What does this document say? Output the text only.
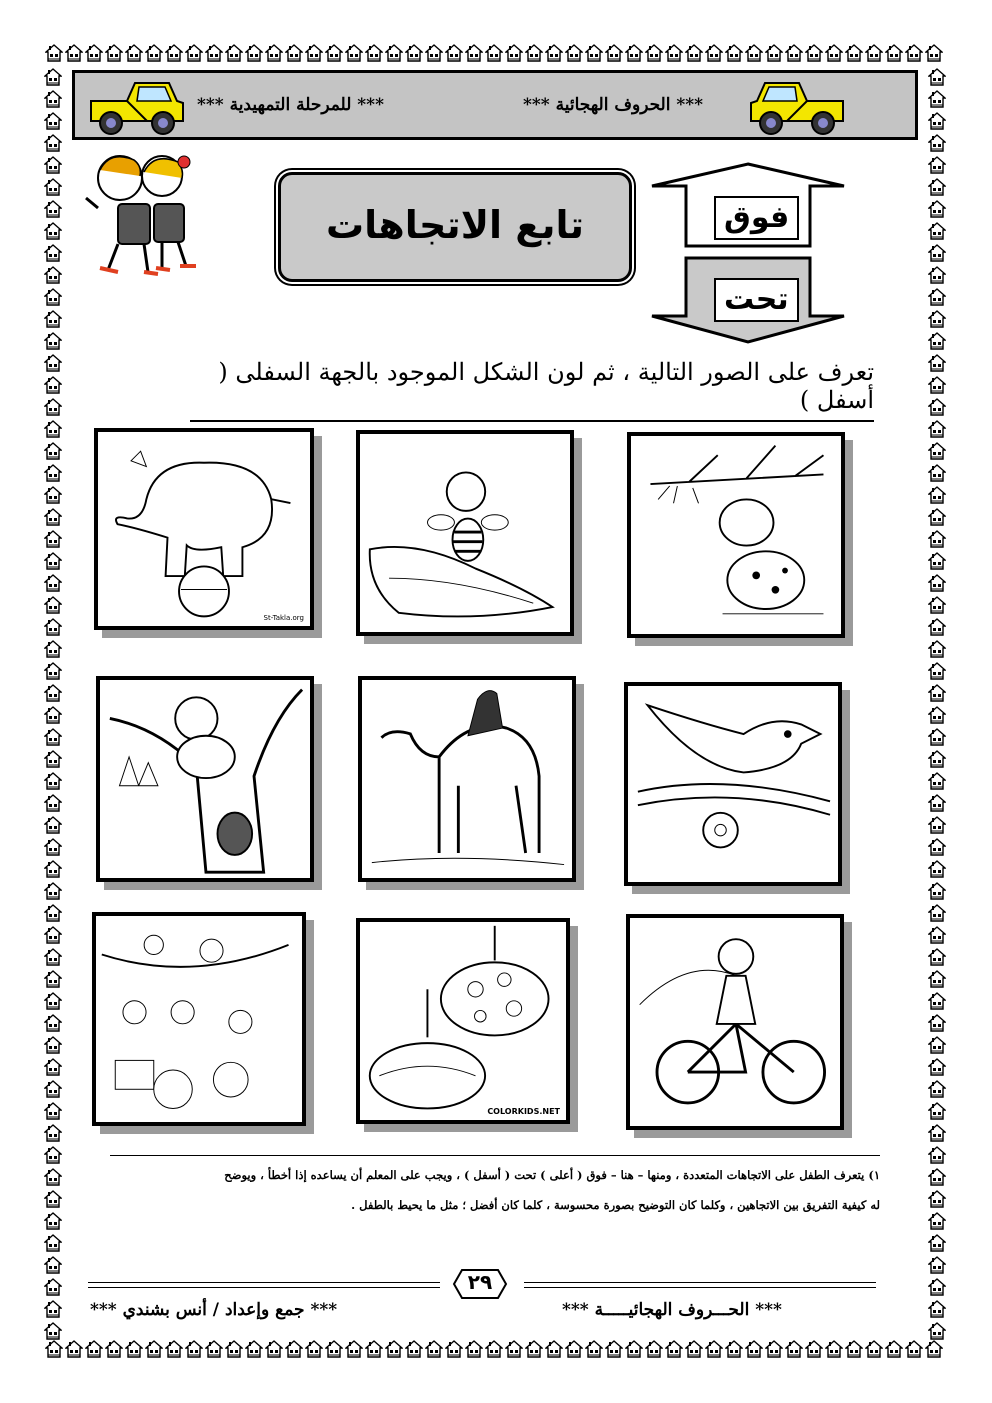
*** للمرحلة التمهيدية ***	*** الحروف الهجائية ***
تابع الاتجاهات	فوق
تحت
تعرف على الصور التالية ، ثم لون الشكل الموجود بالجهة السفلى ( أسفل )
St-Takla.org
COLORKIDS.NET
١) يتعرف الطفل على الاتجاهات المتعددة ، ومنها – هنا – فوق ( أعلى ) تحت ( أسفل ) ، ويجب على المعلم أن يساعده إذا أخطأ ، ويوضح
له كيفية التفريق بين الاتجاهين ، وكلما كان التوضيح بصورة محسوسة ، كلما كان أفضل ؛ مثل ما يحيط بالطفل .
٢٩
*** جمع وإعداد / أنس بشندي ***	*** الحـــروف الهجائيـــــة ***
